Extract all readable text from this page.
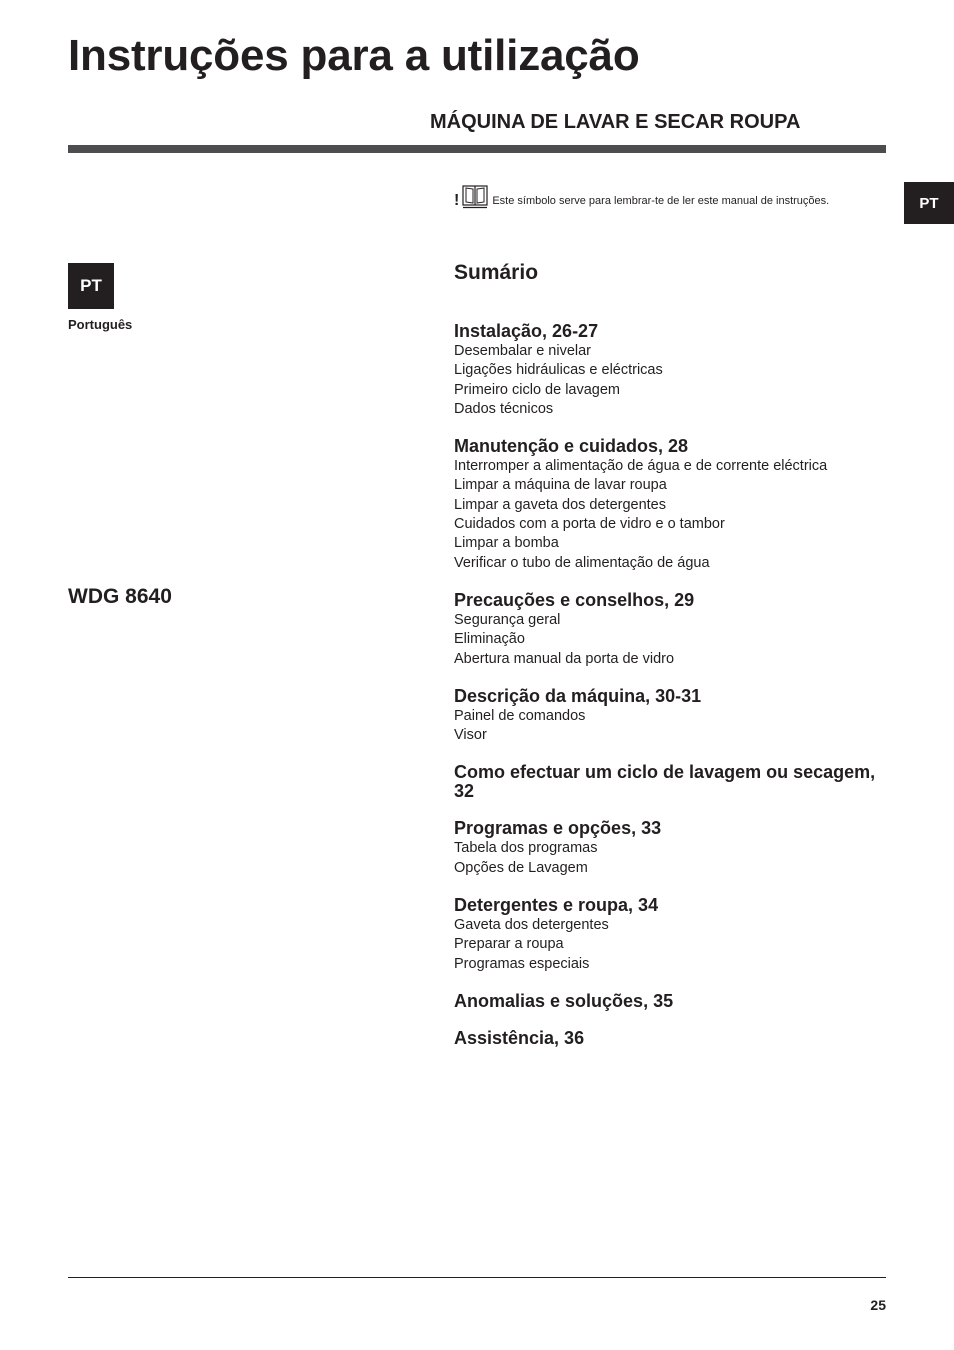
Instruções para a utilização
MÁQUINA DE LAVAR E SECAR ROUPA
!	Este símbolo serve para lembrar-te de ler este manual de instruções.	PT
PT
Português
WDG 8640
Sumário
Instalação, 26-27
Desembalar e nivelar
Ligações hidráulicas e eléctricas
Primeiro ciclo de lavagem
Dados técnicos
Manutenção e cuidados, 28
Interromper a alimentação de água e de corrente eléctrica
Limpar a máquina de lavar roupa
Limpar a gaveta dos detergentes
Cuidados com a porta de vidro e o tambor
Limpar a bomba
Verificar o tubo de alimentação de água
Precauções e conselhos, 29
Segurança geral
Eliminação
Abertura manual da porta de vidro
Descrição da máquina, 30-31
Painel de comandos
Visor
Como efectuar um ciclo de lavagem ou secagem, 32
Programas e opções, 33
Tabela dos programas
Opções de Lavagem
Detergentes e roupa, 34
Gaveta dos detergentes
Preparar a roupa
Programas especiais
Anomalias e soluções, 35
Assistência, 36
25
